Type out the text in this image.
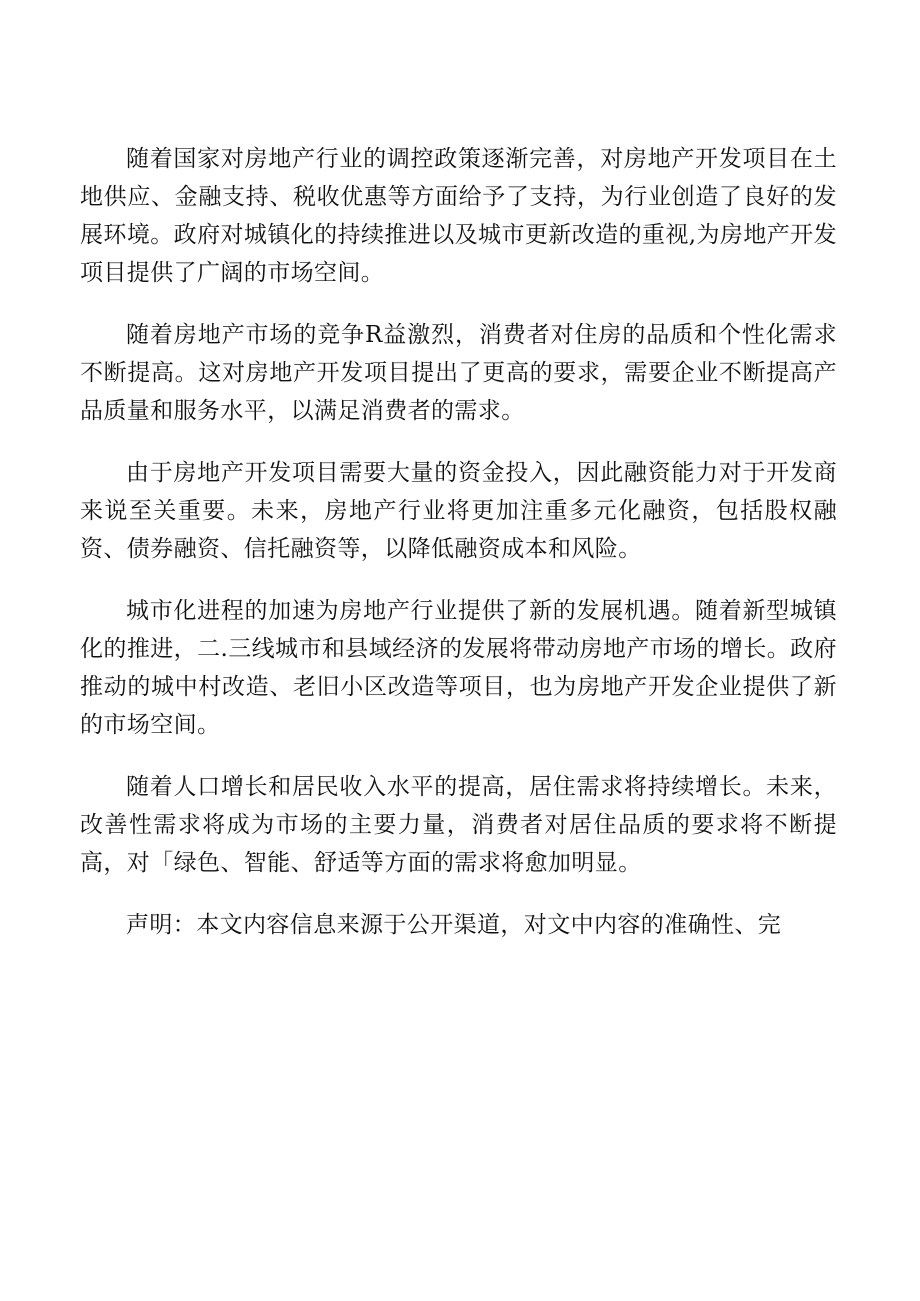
随着国家对房地产行业的调控政策逐渐完善，对房地产开发项目在土地供应、金融支持、税收优惠等方面给予了支持，为行业创造了良好的发展环境。政府对城镇化的持续推进以及城市更新改造的重视,为房地产开发项目提供了广阔的市场空间。

随着房地产市场的竞争R益激烈，消费者对住房的品质和个性化需求不断提高。这对房地产开发项目提出了更高的要求，需要企业不断提高产品质量和服务水平，以满足消费者的需求。

由于房地产开发项目需要大量的资金投入，因此融资能力对于开发商来说至关重要。未来，房地产行业将更加注重多元化融资，包括股权融资、债券融资、信托融资等，以降低融资成本和风险。

城市化进程的加速为房地产行业提供了新的发展机遇。随着新型城镇化的推进，二.三线城市和县域经济的发展将带动房地产市场的增长。政府推动的城中村改造、老旧小区改造等项目，也为房地产开发企业提供了新的市场空间。

随着人口增长和居民收入水平的提高，居住需求将持续增长。未来，改善性需求将成为市场的主要力量，消费者对居住品质的要求将不断提高，对「绿色、智能、舒适等方面的需求将愈加明显。

声明：本文内容信息来源于公开渠道，对文中内容的准确性、完
